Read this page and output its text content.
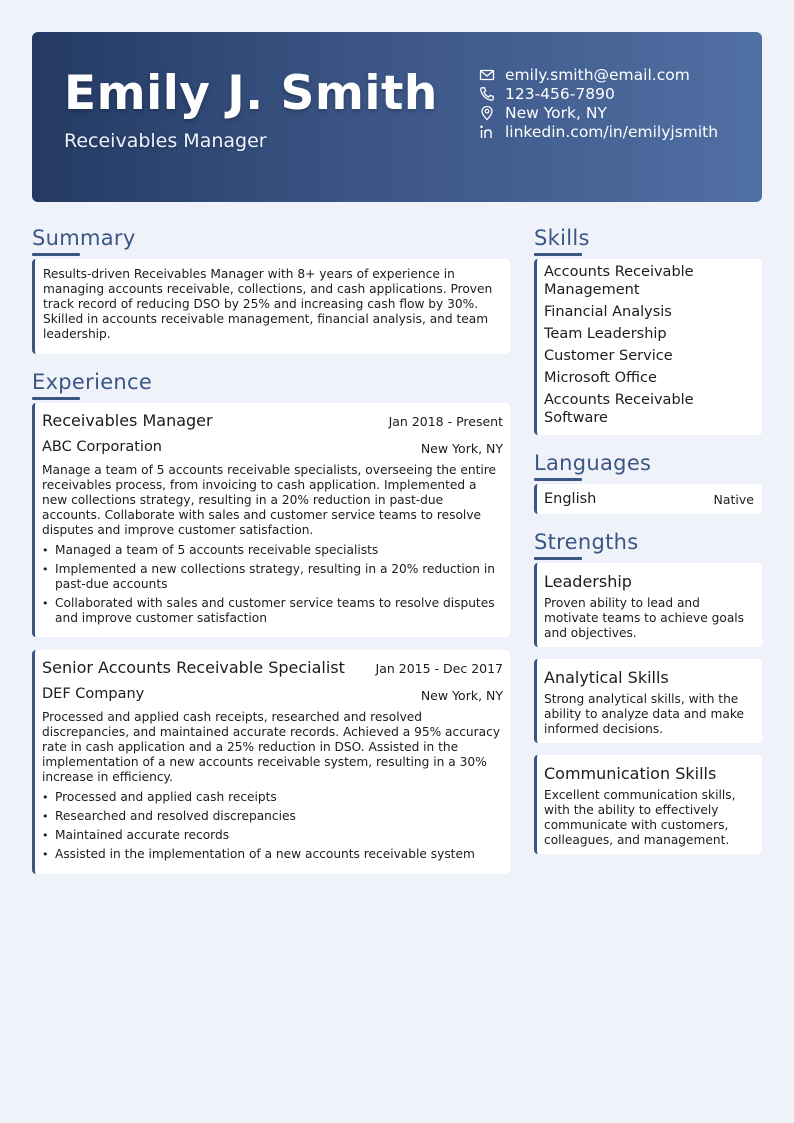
Emily J. Smith
Receivables Manager
emily.smith@email.com
123-456-7890
New York, NY
linkedin.com/in/emilyjsmith
Summary
Results-driven Receivables Manager with 8+ years of experience in managing accounts receivable, collections, and cash applications. Proven track record of reducing DSO by 25% and increasing cash flow by 30%. Skilled in accounts receivable management, financial analysis, and team leadership.
Experience
Receivables Manager	Jan 2018 - Present
ABC Corporation	New York, NY
Manage a team of 5 accounts receivable specialists, overseeing the entire receivables process, from invoicing to cash application. Implemented a new collections strategy, resulting in a 20% reduction in past-due accounts. Collaborate with sales and customer service teams to resolve disputes and improve customer satisfaction.
• Managed a team of 5 accounts receivable specialists
• Implemented a new collections strategy, resulting in a 20% reduction in past-due accounts
• Collaborated with sales and customer service teams to resolve disputes and improve customer satisfaction
Senior Accounts Receivable Specialist Jan 2015 - Dec 2017
DEF Company	New York, NY
Processed and applied cash receipts, researched and resolved discrepancies, and maintained accurate records. Achieved a 95% accuracy rate in cash application and a 25% reduction in DSO. Assisted in the implementation of a new accounts receivable system, resulting in a 30% increase in efficiency.
• Processed and applied cash receipts
• Researched and resolved discrepancies
• Maintained accurate records
• Assisted in the implementation of a new accounts receivable system
Skills
Accounts Receivable Management
Financial Analysis
Team Leadership
Customer Service
Microsoft Office
Accounts Receivable Software
Languages
English	Native
Strengths
Leadership
Proven ability to lead and motivate teams to achieve goals and objectives.
Analytical Skills
Strong analytical skills, with the ability to analyze data and make informed decisions.
Communication Skills
Excellent communication skills, with the ability to effectively communicate with customers, colleagues, and management.
